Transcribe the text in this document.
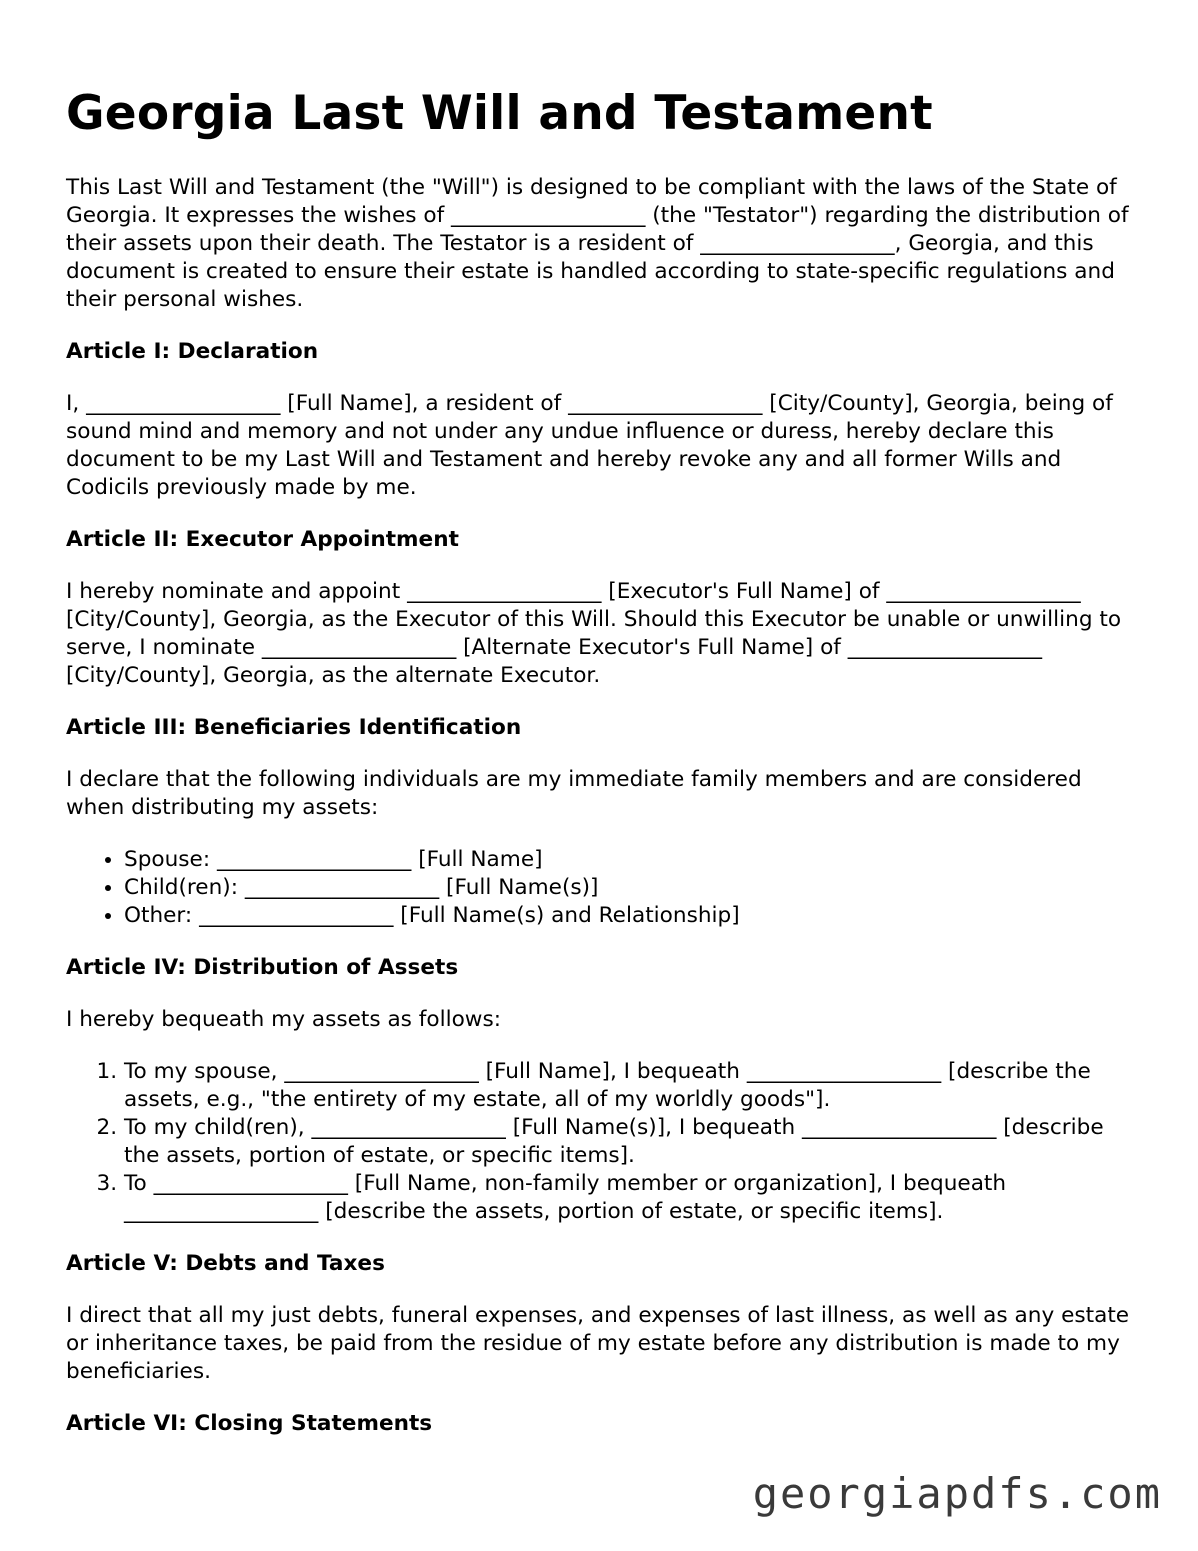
Georgia Last Will and Testament

This Last Will and Testament (the "Will") is designed to be compliant with the laws of the State of Georgia. It expresses the wishes of __________________ (the "Testator") regarding the distribution of their assets upon their death. The Testator is a resident of __________________, Georgia, and this document is created to ensure their estate is handled according to state-specific regulations and their personal wishes.

Article I: Declaration

I, __________________ [Full Name], a resident of __________________ [City/County], Georgia, being of sound mind and memory and not under any undue influence or duress, hereby declare this document to be my Last Will and Testament and hereby revoke any and all former Wills and Codicils previously made by me.

Article II: Executor Appointment

I hereby nominate and appoint __________________ [Executor's Full Name] of __________________ [City/County], Georgia, as the Executor of this Will. Should this Executor be unable or unwilling to serve, I nominate __________________ [Alternate Executor's Full Name] of __________________ [City/County], Georgia, as the alternate Executor.

Article III: Beneficiaries Identification

I declare that the following individuals are my immediate family members and are considered when distributing my assets:

• Spouse: __________________ [Full Name]
• Child(ren): __________________ [Full Name(s)]
• Other: __________________ [Full Name(s) and Relationship]
Article IV: Distribution of Assets

I hereby bequeath my assets as follows:

1. To my spouse, __________________ [Full Name], I bequeath __________________ [describe the assets, e.g., "the entirety of my estate, all of my worldly goods"].
2. To my child(ren), __________________ [Full Name(s)], I bequeath __________________ [describe the assets, portion of estate, or specific items].
3. To __________________ [Full Name, non-family member or organization], I bequeath __________________ [describe the assets, portion of estate, or specific items].
Article V: Debts and Taxes

I direct that all my just debts, funeral expenses, and expenses of last illness, as well as any estate or inheritance taxes, be paid from the residue of my estate before any distribution is made to my beneficiaries.

Article VI: Closing Statements
georgiapdfs.com
